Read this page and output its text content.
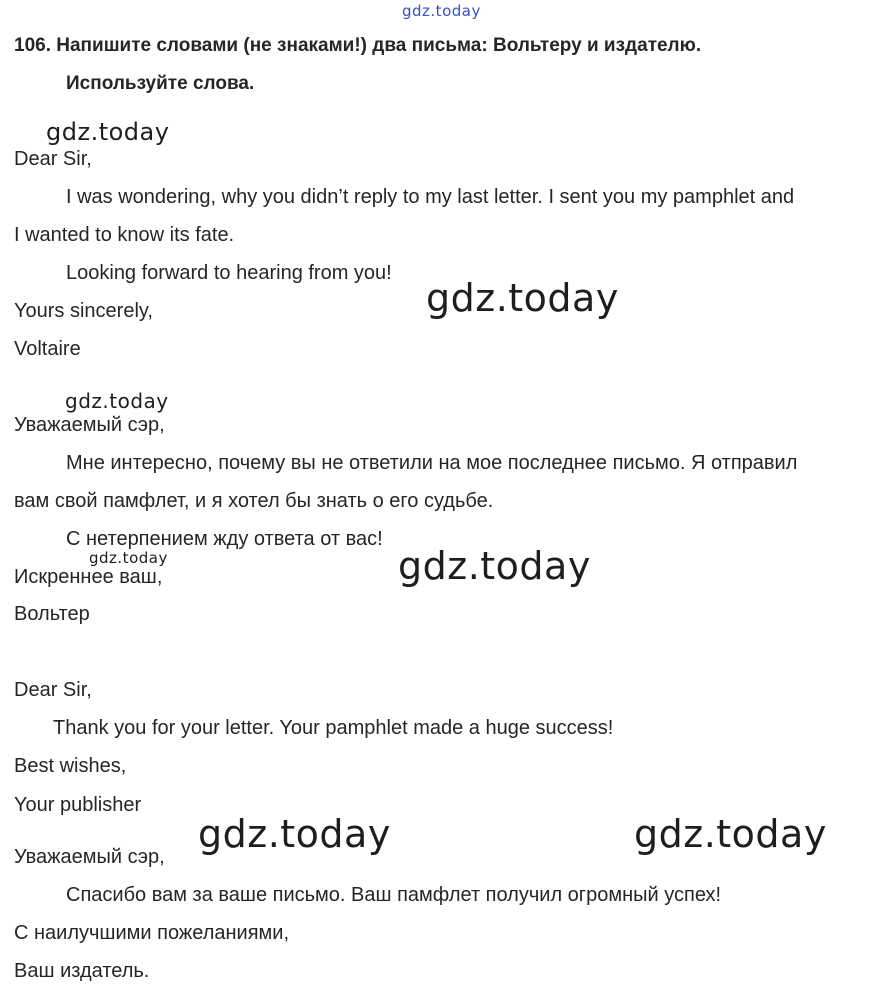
gdz.today
gdz.today
gdz.today
gdz.today
gdz.today	gdz.today
gdz.today	gdz.today
106. Напишите словами (не знаками!) два письма: Вольтеру и издателю.
Используйте слова.
Dear Sir,
I was wondering, why you didn’t reply to my last letter. I sent you my pamphlet and
I wanted to know its fate.
Looking forward to hearing from you!
Yours sincerely,
Voltaire
Уважаемый сэр,
Мне интересно, почему вы не ответили на мое последнее письмо. Я отправил
вам свой памфлет, и я хотел бы знать о его судьбе.
С нетерпением жду ответа от вас!
Искреннее ваш,
Вольтер
Dear Sir,
Thank you for your letter. Your pamphlet made a huge success!
Best wishes,
Your publisher
Уважаемый сэр,
Спасибо вам за ваше письмо. Ваш памфлет получил огромный успех!
С наилучшими пожеланиями,
Ваш издатель.
